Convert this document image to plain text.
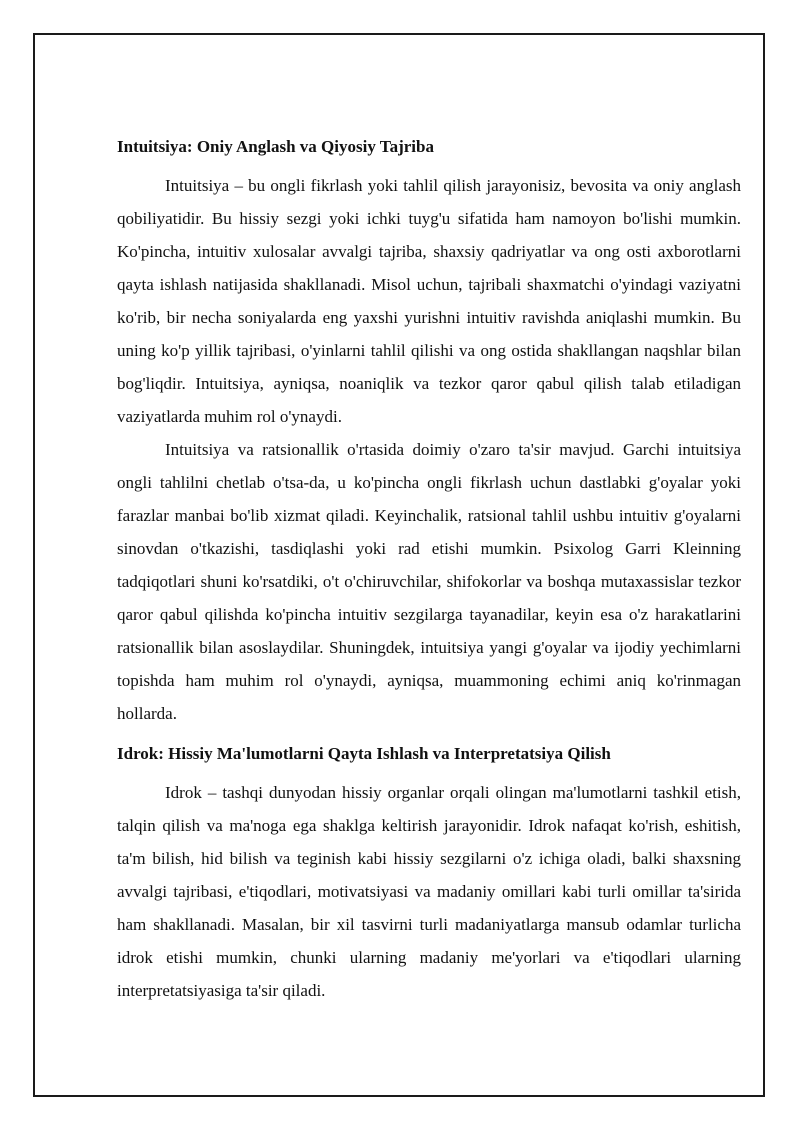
Intuitsiya: Oniy Anglash va Qiyosiy Tajriba

Intuitsiya – bu ongli fikrlash yoki tahlil qilish jarayonisiz, bevosita va oniy anglash qobiliyatidir. Bu hissiy sezgi yoki ichki tuyg'u sifatida ham namoyon bo'lishi mumkin. Ko'pincha, intuitiv xulosalar avvalgi tajriba, shaxsiy qadriyatlar va ong osti axborotlarni qayta ishlash natijasida shakllanadi. Misol uchun, tajribali shaxmatchi o'yindagi vaziyatni ko'rib, bir necha soniyalarda eng yaxshi yurishni intuitiv ravishda aniqlashi mumkin. Bu uning ko'p yillik tajribasi, o'yinlarni tahlil qilishi va ong ostida shakllangan naqshlar bilan bog'liqdir. Intuitsiya, ayniqsa, noaniqlik va tezkor qaror qabul qilish talab etiladigan vaziyatlarda muhim rol o'ynaydi.

Intuitsiya va ratsionallik o'rtasida doimiy o'zaro ta'sir mavjud. Garchi intuitsiya ongli tahlilni chetlab o'tsa-da, u ko'pincha ongli fikrlash uchun dastlabki g'oyalar yoki farazlar manbai bo'lib xizmat qiladi. Keyinchalik, ratsional tahlil ushbu intuitiv g'oyalarni sinovdan o'tkazishi, tasdiqlashi yoki rad etishi mumkin. Psixolog Garri Kleinning tadqiqotlari shuni ko'rsatdiki, o't o'chiruvchilar, shifokorlar va boshqa mutaxassislar tezkor qaror qabul qilishda ko'pincha intuitiv sezgilarga tayanadilar, keyin esa o'z harakatlarini ratsionallik bilan asoslaydilar. Shuningdek, intuitsiya yangi g'oyalar va ijodiy yechimlarni topishda ham muhim rol o'ynaydi, ayniqsa, muammoning echimi aniq ko'rinmagan hollarda.

Idrok: Hissiy Ma'lumotlarni Qayta Ishlash va Interpretatsiya Qilish

Idrok – tashqi dunyodan hissiy organlar orqali olingan ma'lumotlarni tashkil etish, talqin qilish va ma'noga ega shaklga keltirish jarayonidir. Idrok nafaqat ko'rish, eshitish, ta'm bilish, hid bilish va teginish kabi hissiy sezgilarni o'z ichiga oladi, balki shaxsning avvalgi tajribasi, e'tiqodlari, motivatsiyasi va madaniy omillari kabi turli omillar ta'sirida ham shakllanadi. Masalan, bir xil tasvirni turli madaniyatlarga mansub odamlar turlicha idrok etishi mumkin, chunki ularning madaniy me'yorlari va e'tiqodlari ularning interpretatsiyasiga ta'sir qiladi.
